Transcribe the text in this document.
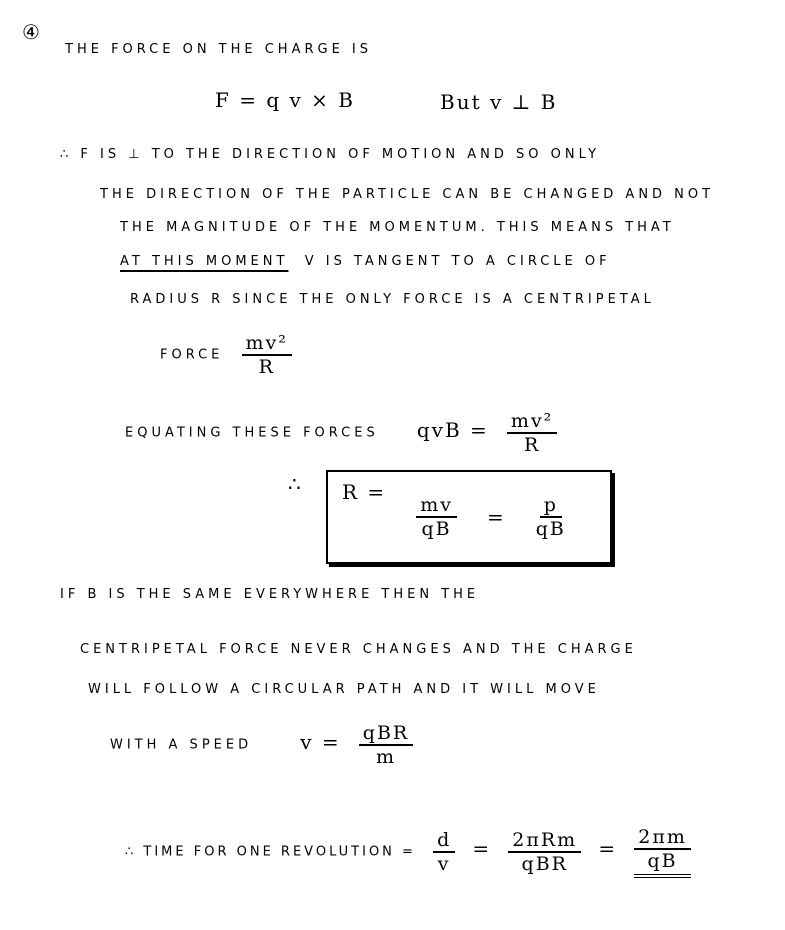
④
THE FORCE ON THE CHARGE IS
F = q v × B	But v ⊥ B
∴ F IS ⊥ TO THE DIRECTION OF MOTION AND SO ONLY
THE DIRECTION OF THE PARTICLE CAN BE CHANGED AND NOT
THE MAGNITUDE OF THE MOMENTUM. THIS MEANS THAT
AT THIS MOMENT V IS TANGENT TO A CIRCLE OF
RADIUS R SINCE THE ONLY FORCE IS A CENTRIPETAL
FORCE $\frac{\text{mv²}}{R}$
EQUATING THESE FORCES qvB = $\frac{\text{mv²}}{R}$
∴ R =
$\frac{mv}{qB} = \frac{p}{qB}$
IF B IS THE SAME EVERYWHERE THEN THE
CENTRIPETAL FORCE NEVER CHANGES AND THE CHARGE
WILL FOLLOW A CIRCULAR PATH AND IT WILL MOVE
WITH A SPEED $v = \frac{\text{qBR}}{m}$
∴ TIME FOR ONE REVOLUTION = $\frac{d}{v} = \frac{\text{2πRm}}{\text{qBR}} = \frac{2\pi m}{qB}$
